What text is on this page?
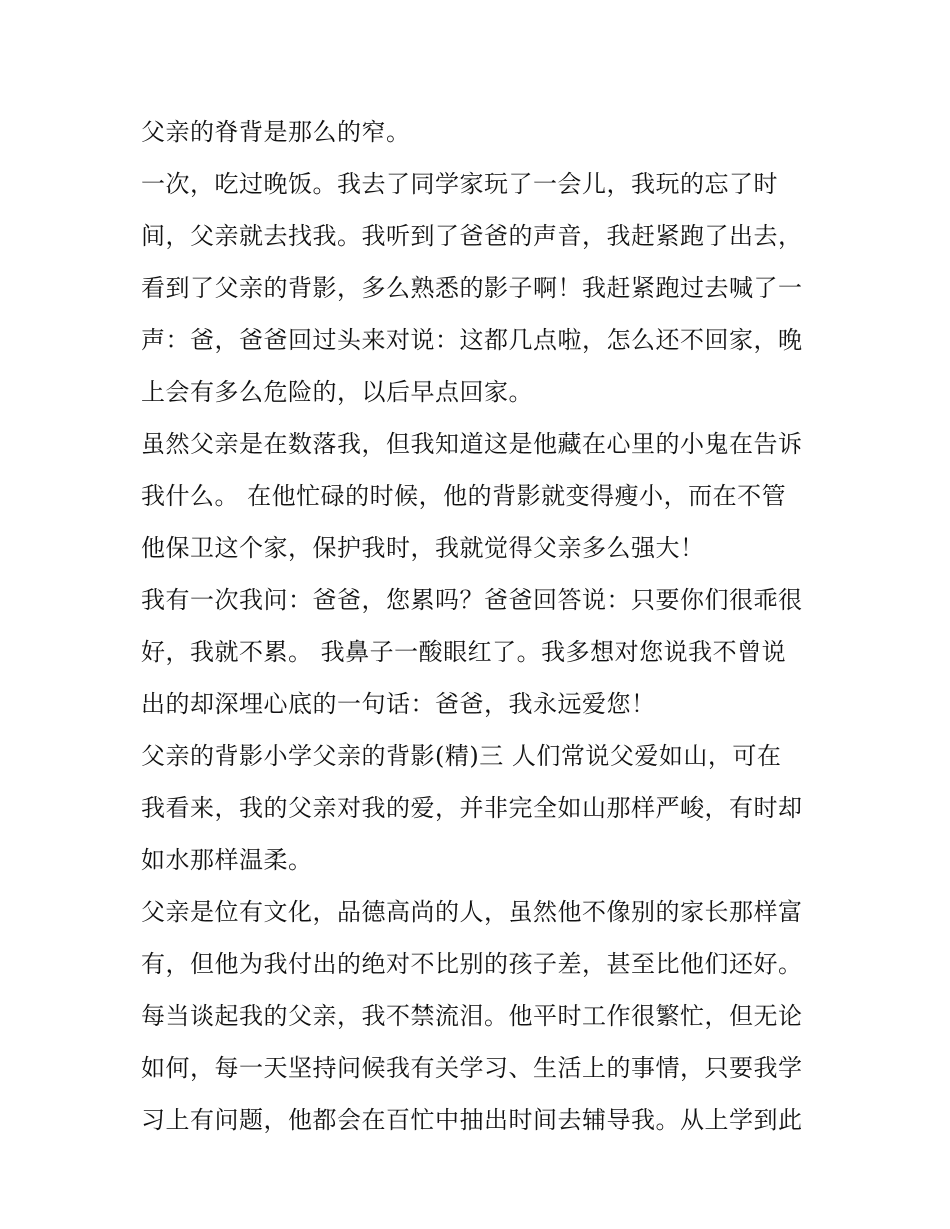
父亲的脊背是那么的窄。
一次，吃过晚饭。我去了同学家玩了一会儿，我玩的忘了时
间，父亲就去找我。我听到了爸爸的声音，我赶紧跑了出去，
看到了父亲的背影，多么熟悉的影子啊！我赶紧跑过去喊了一
声：爸，爸爸回过头来对说：这都几点啦，怎么还不回家，晚
上会有多么危险的，以后早点回家。
虽然父亲是在数落我，但我知道这是他藏在心里的小鬼在告诉
我什么。 在他忙碌的时候，他的背影就变得瘦小，而在不管
他保卫这个家，保护我时，我就觉得父亲多么强大！
我有一次我问：爸爸，您累吗？爸爸回答说：只要你们很乖很
好，我就不累。 我鼻子一酸眼红了。我多想对您说我不曾说
出的却深埋心底的一句话：爸爸，我永远爱您！
父亲的背影小学父亲的背影(精)三 人们常说父爱如山，可在
我看来，我的父亲对我的爱，并非完全如山那样严峻，有时却
如水那样温柔。
父亲是位有文化，品德高尚的人，虽然他不像别的家长那样富
有，但他为我付出的绝对不比别的孩子差，甚至比他们还好。
每当谈起我的父亲，我不禁流泪。他平时工作很繁忙，但无论
如何，每一天坚持问候我有关学习、生活上的事情，只要我学
习上有问题，他都会在百忙中抽出时间去辅导我。从上学到此
